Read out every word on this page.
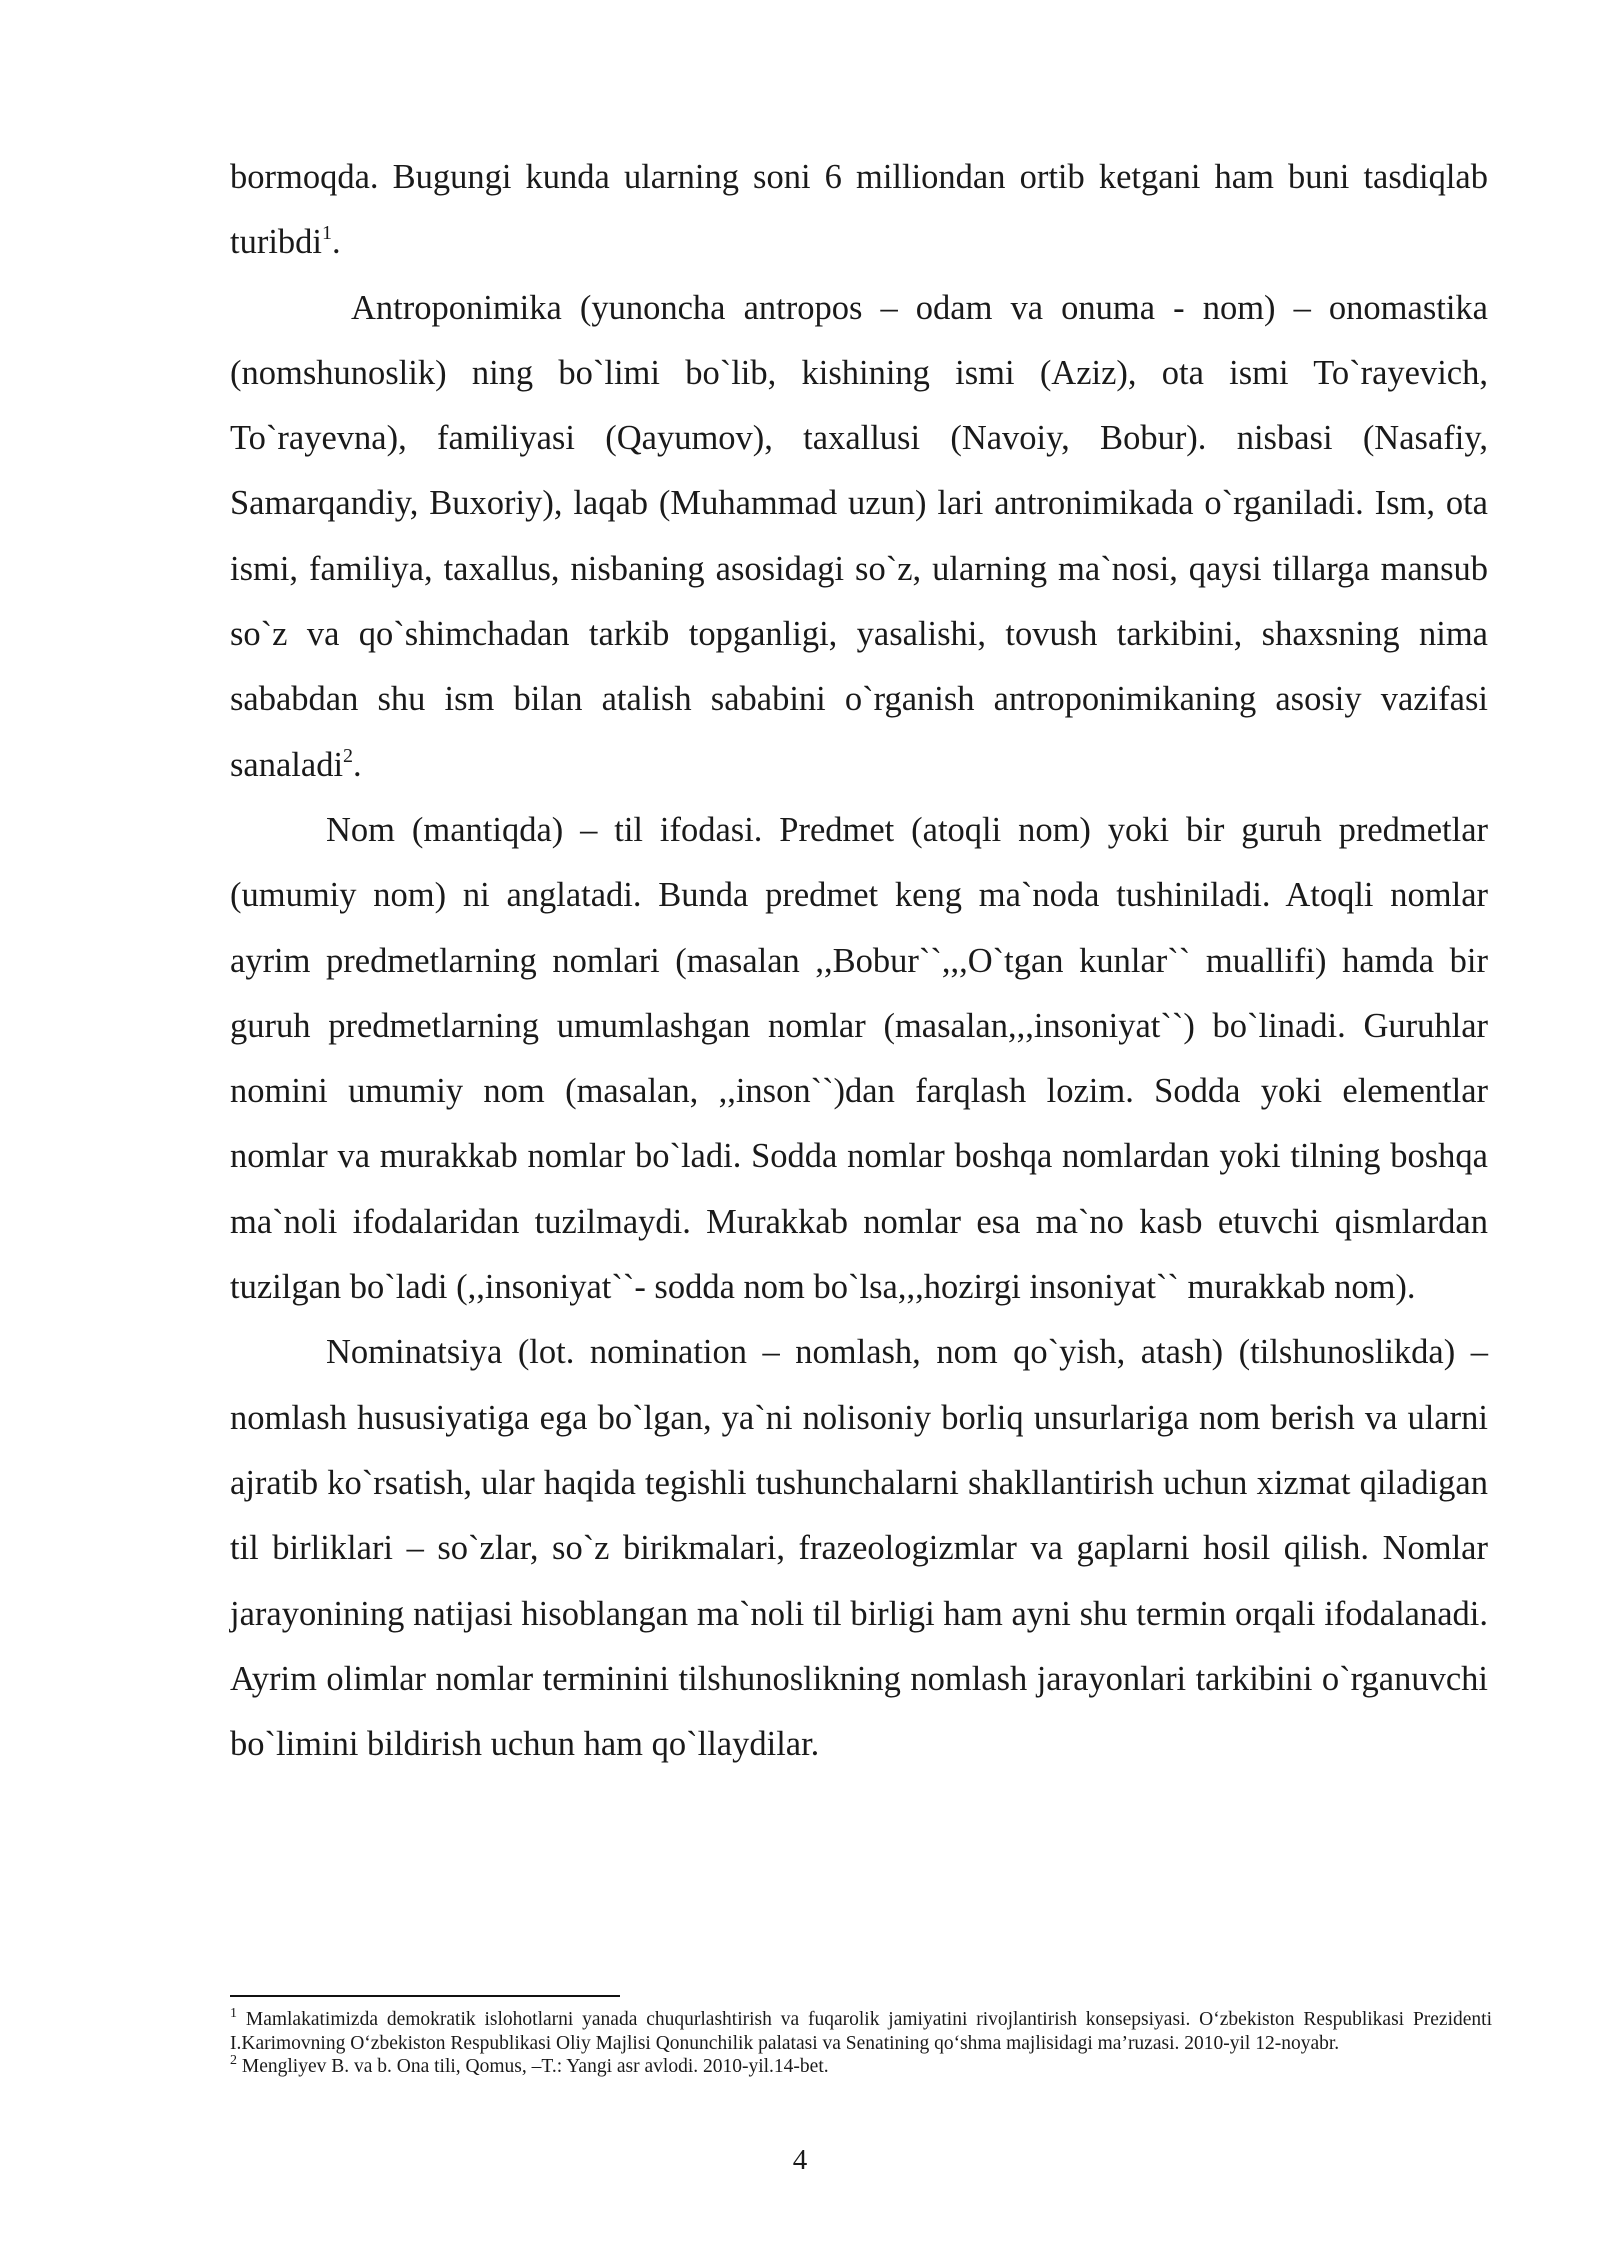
bormoqda. Bugungi kunda ularning soni 6 milliondan ortib ketgani ham buni tasdiqlab turibdi$^1$.

Antroponimika (yunoncha antropos – odam va onuma - nom) – onomastika (nomshunoslik) ning bo`limi bo`lib, kishining ismi (Aziz), ota ismi To`rayevich, To`rayevna), familiyasi (Qayumov), taxallusi (Navoiy, Bobur). nisbasi (Nasafiy, Samarqandiy, Buxoriy), laqab (Muhammad uzun) lari antronimikada o`rganiladi. Ism, ota ismi, familiya, taxallus, nisbaning asosidagi so`z, ularning ma`nosi, qaysi tillarga mansub so`z va qo`shimchadan tarkib topganligi, yasalishi, tovush tarkibini, shaxsning nima sababdan shu ism bilan atalish sababini o`rganish antroponimikaning asosiy vazifasi sanaladi$^2$.

Nom (mantiqda) – til ifodasi. Predmet (atoqli nom) yoki bir guruh predmetlar (umumiy nom) ni anglatadi. Bunda predmet keng ma`noda tushiniladi. Atoqli nomlar ayrim predmetlarning nomlari (masalan ,,Bobur``,,,O`tgan kunlar`` muallifi) hamda bir guruh predmetlarning umumlashgan nomlar (masalan,,,insoniyat``) bo`linadi. Guruhlar nomini umumiy nom (masalan, ,,inson``)dan farqlash lozim. Sodda yoki elementlar nomlar va murakkab nomlar bo`ladi. Sodda nomlar boshqa nomlardan yoki tilning boshqa ma`noli ifodalaridan tuzilmaydi. Murakkab nomlar esa ma`no kasb etuvchi qismlardan tuzilgan bo`ladi (,,insoniyat``- sodda nom bo`lsa,,,hozirgi insoniyat`` murakkab nom).

Nominatsiya (lot. nomination – nomlash, nom qo`yish, atash) (tilshunoslikda) – nomlash hususiyatiga ega bo`lgan, ya`ni nolisoniy borliq unsurlariga nom berish va ularni ajratib ko`rsatish, ular haqida tegishli tushunchalarni shakllantirish uchun xizmat qiladigan til birliklari – so`zlar, so`z birikmalari, frazeologizmlar va gaplarni hosil qilish. Nomlar jarayonining natijasi hisoblangan ma`noli til birligi ham ayni shu termin orqali ifodalanadi. Ayrim olimlar nomlar terminini tilshunoslikning nomlash jarayonlari tarkibini o`rganuvchi bo`limini bildirish uchun ham qo`llaydilar.

$^1$ Mamlakatimizda demokratik islohotlarni yanada chuqurlashtirish va fuqarolik jamiyatini rivojlantirish konsepsiyasi. O‘zbekiston Respublikasi Prezidenti I.Karimovning O‘zbekiston Respublikasi Oliy Majlisi Qonunchilik palatasi va Senatining qo‘shma majlisidagi ma’ruzasi. 2010-yil 12-noyabr.

$^2$ Mengliyev B. va b. Ona tili, Qomus, –T.: Yangi asr avlodi. 2010-yil.14-bet.

4
